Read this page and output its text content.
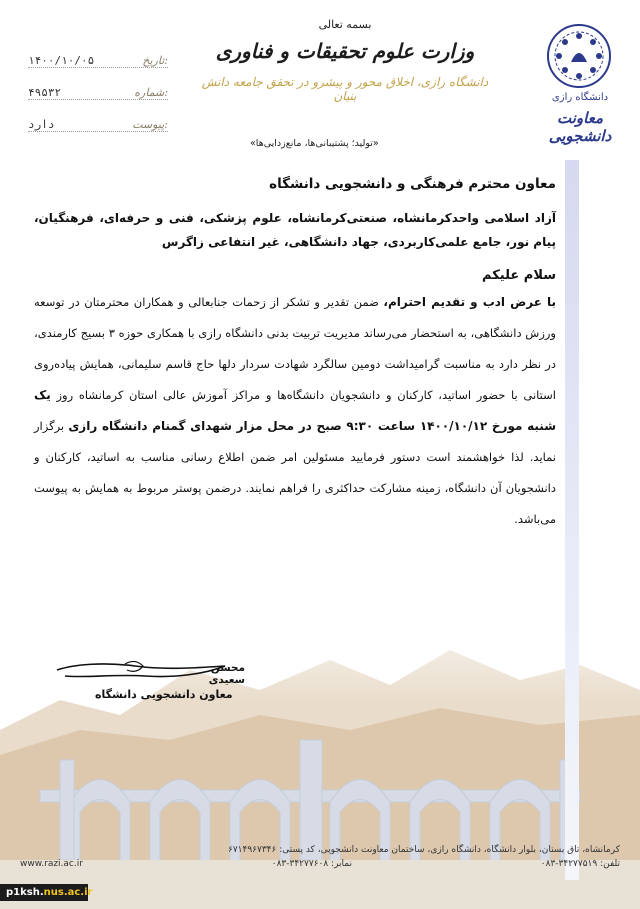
۱۴۰۰/۱۰/۰۵	تاریخ:
۴۹۵۳۲	شماره:
دارد	پیوست:
بسمه تعالی
وزارت علوم تحقیقات و فناوری
دانشگاه رازی، اخلاق محور و پیشرو در تحقق جامعه دانش بنیان	دانشگاه رازی
معاونت دانشجویی
«تولید؛ پشتیبانی‌ها، مانع‌زدایی‌ها»
معاون محترم فرهنگی و دانشجویی دانشگاه
آزاد اسلامی واحدکرمانشاه، صنعتی‌کرمانشاه، علوم پزشکی، فنی و حرفه‌ای، فرهنگیان، پیام نور، جامع علمی‌کاربردی، جهاد دانشگاهی، غیر انتفاعی زاگرس
سلام علیکم
با عرض ادب و تقدیم احترام، ضمن تقدیر و تشکر از زحمات جنابعالی و همکاران محترمتان در توسعه ورزش دانشگاهی، به استحضار می‌رساند مدیریت تربیت بدنی دانشگاه رازی با همکاری حوزه ۳ بسیج کارمندی، در نظر دارد به مناسبت گرامیداشت دومین سالگرد شهادت سردار دلها حاج قاسم سلیمانی، همایش پیاده‌روی استانی با حضور اساتید، کارکنان و دانشجویان دانشگاه‌ها و مراکز آموزش عالی استان کرمانشاه روز یک شنبه مورخ ۱۴۰۰/۱۰/۱۲ ساعت ۹:۳۰ صبح در محل مزار شهدای گمنام دانشگاه رازی برگزار نماید. لذا خواهشمند است دستور فرمایید مسئولین امر ضمن اطلاع رسانی مناسب به اساتید، کارکنان و دانشجویان آن دانشگاه، زمینه مشارکت حداکثری را فراهم نمایند. درضمن پوستر مربوط به همایش به پیوست می‌باشد.
محسن سعیدی
معاون دانشجویی دانشگاه
کرمانشاه، تاق بستان، بلوار دانشگاه، دانشگاه رازی، ساختمان معاونت دانشجویی، کد پستی: ۶۷۱۴۹۶۷۳۴۶
تلفن: ۳۴۲۷۷۵۱۹-۰۸۳
نمابر: ۳۴۲۷۷۶۰۸-۰۸۳
www.razi.ac.ir
p1ksh.nus.ac.ir
